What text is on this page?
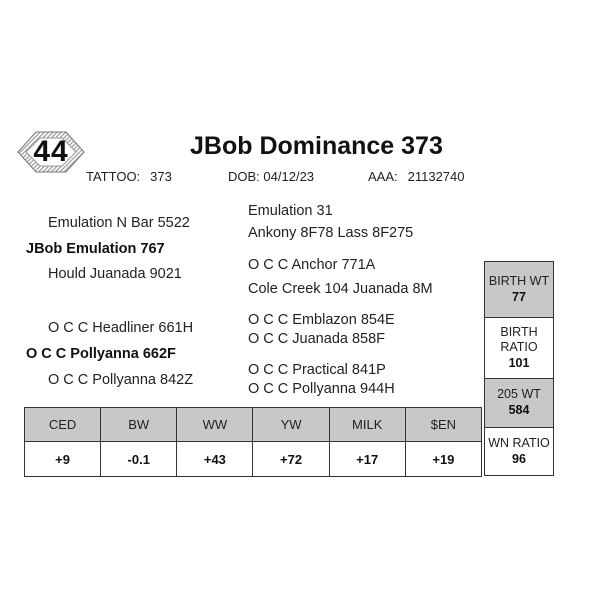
44	JBob Dominance 373
TATTOO: 373	DOB: 04/12/23	AAA: 21132740
Emulation N Bar 5522
JBob Emulation 767
Hould Juanada 9021
Emulation 31
Ankony 8F78 Lass 8F275
O C C Anchor 771A
Cole Creek 104 Juanada 8M
O C C Headliner 661H
O C C Pollyanna 662F
O C C Pollyanna 842Z
O C C Emblazon 854E
O C C Juanada 858F
O C C Practical 841P
O C C Pollyanna 944H
CED	BW	WW	YW	MILK	$EN
+9	-0.1	+43	+72	+17	+19
BIRTH WT
77
BIRTH
RATIO
101
205 WT
584
WN RATIO
96
